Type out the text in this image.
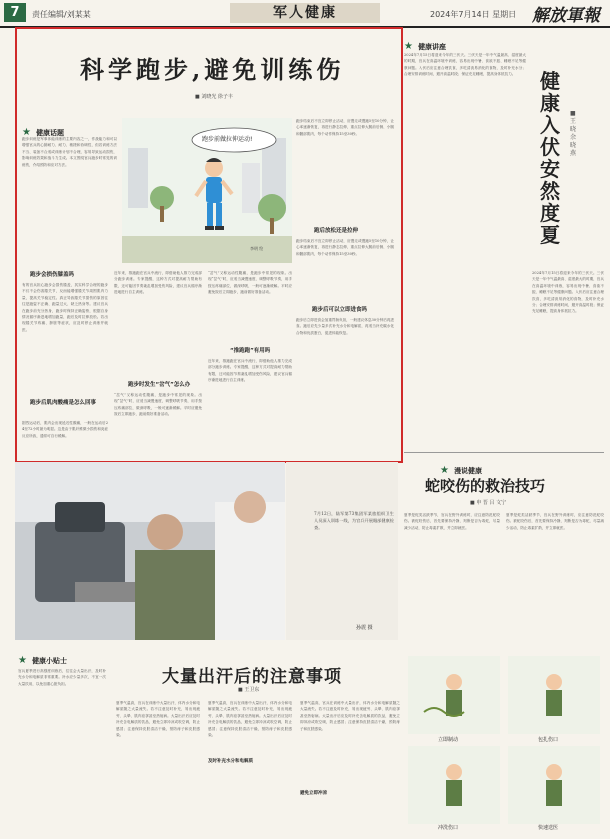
7	责任编辑/刘某某	军人健康	2024年7月14日 星期日 解放軍報
科学跑步,避免训练伤
■ 刘晓光 徐子丰
★ 健康话题
跑步训练是军事体能训练的主要内容之一，作战能力和可以增强官兵的心肺耐力、耐力、敏捷和协调性，但若训练方法不当、装备不合适或训练计划不合理，容易导致运动损伤，影响训练效果和战斗力生成。本文围绕官兵跑步时常见的训练伤，介绍预防和应对方法。
跑步前做拉伸运动!
李明 绘
跑步结束后不宜立即停止活动，应慢走或慢跑5至10分钟，让心率逐渐恢复，再进行静态拉伸，重点拉伸大腿前后侧、小腿和髋部肌肉，每个动作保持15至30秒。
跑后放松还是拉伸
跑步结束后不宜立即停止活动，应慢走或慢跑5至10分钟，让心率逐渐恢复，再进行静态拉伸，重点拉伸大腿前后侧、小腿和髋部肌肉，每个动作保持15至30秒。
跑步后可以立即进食吗
跑步后立即进食会加重胃肠负担，一般建议休息30分钟后再进食。跑后应先少量多次补充水分和电解质，再适当补充碳水化合物和优质蛋白，促进体能恢复。
跑步会损伤膝盖吗
有的官兵担心跑步会损伤膝盖，其实科学合理的跑步不仅不会伤害膝关节，反而能增强膝关节周围肌肉力量，提高关节稳定性。真正导致膝关节损伤的原因往往是跑姿不正确、跑量过大、缺乏热身等。建议官兵在跑步前充分热身，跑步时保持正确姿势，根据自身情况循序渐进地增加跑量，跑后及时拉伸放松。若出现膝关节疼痛、肿胀等症状，应及时停止训练并就医。
跑步后肌肉酸痛是怎么回事
剧烈运动后，肌肉会出现延迟性酸痛，一般在运动后24至72小时最为明显。这是由于肌纤维微小损伤和炎症反应所致，通常可自行缓解。
近年来，推跑跑在官兵中流行，即借助他人推力完成部分跑步训练。专家提醒，这种方式对提高耐力帮助有限，还可能因节奏紊乱增加受伤风险，建议官兵循序渐进地进行自主训练。
跑步时发生“岔气”怎么办
“岔气”又称运动性腹痛，是跑步中常见的现象。出现“岔气”时，应适当减慢速度，调整呼吸节奏，用手按压疼痛部位，做深呼吸，一般可逐渐缓解。平时应避免饭后立即跑步，跑前做好准备活动。
“岔气”又称运动性腹痛，是跑步中常见的现象。出现“岔气”时，应适当减慢速度，调整呼吸节奏，用手按压疼痛部位，做深呼吸，一般可逐渐缓解。平时应避免饭后立即跑步，跑前做好准备活动。
“推跑跑”有用吗
近年来，推跑跑在官兵中流行，即借助他人推力完成部分跑步训练。专家提醒，这种方式对提高耐力帮助有限，还可能因节奏紊乱增加受伤风险，建议官兵循序渐进地进行自主训练。
★ 健康讲座
2024年7月15日将迎来今年的三伏天。三伏天是一年中气温最高、湿度最大的时期，官兵在高温环境中训练，容易出现中暑、食欲不振、睡眠不足等健康问题。入伏后应注意合理饮食，多吃清淡易消化的食物，及时补充水分；合理安排训练时间，避开高温时段；保证充足睡眠，提高身体抵抗力。	健康入伏 安然度夏
■ 王晓 余晓燕
2024年7月15日将迎来今年的三伏天。三伏天是一年中气温最高、湿度最大的时期，官兵在高温环境中训练，容易出现中暑、食欲不振、睡眠不足等健康问题。入伏后应注意合理饮食，多吃清淡易消化的食物，及时补充水分；合理安排训练时间，避开高温时段；保证充足睡眠，提高身体抵抗力。
7月12日，陆军第73集团军某旅组织卫生人员深入训练一线，为官兵开展眼部健康检查。
孙震 摄
★ 健康小贴士
官兵夏季进行高强度训练后，往往会大量出汗，及时补充水分和电解质非常重要。补水应少量多次，不宜一次大量饮用，以免加重心脏负担。	大量出汗后的注意事项
■ 王卫东
夏季气温高，官兵在训练中大量出汗，体内水分和电解质随之大量流失。若不注意及时补充，易出现疲劳、头晕、肌肉痉挛甚至热射病。大量出汗后应及时补充含电解质的饮品，避免立即冲凉或吹空调，防止感冒；注意保持皮肤清洁干燥，预防痱子和皮肤感染。
及时补充水分和电解质
夏季气温高，官兵在训练中大量出汗，体内水分和电解质随之大量流失。若不注意及时补充，易出现疲劳、头晕、肌肉痉挛甚至热射病。大量出汗后应及时补充含电解质的饮品，避免立即冲凉或吹空调，防止感冒；注意保持皮肤清洁干燥，预防痱子和皮肤感染。
避免立即冲凉
夏季气温高，官兵在训练中大量出汗，体内水分和电解质随之大量流失。若不注意及时补充，易出现疲劳、头晕、肌肉痉挛甚至热射病。大量出汗后应及时补充含电解质的饮品，避免立即冲凉或吹空调，防止感冒；注意保持皮肤清洁干燥，预防痱子和皮肤感染。
★ 漫说健康
蛇咬伤的救治技巧
■ 申 晋 吕 文宁
夏季是蛇类活跃季节，官兵在野外训练时，应注意防范蛇咬伤。被蛇咬伤后，首先要保持冷静，判断是否为毒蛇，尽量减少活动，防止毒素扩散，并立即就医。
夏季是蛇类活跃季节，官兵在野外训练时，应注意防范蛇咬伤。被蛇咬伤后，首先要保持冷静，判断是否为毒蛇，尽量减少活动，防止毒素扩散，并立即就医。
立即制动	包扎伤口
冲洗伤口	快速送医
